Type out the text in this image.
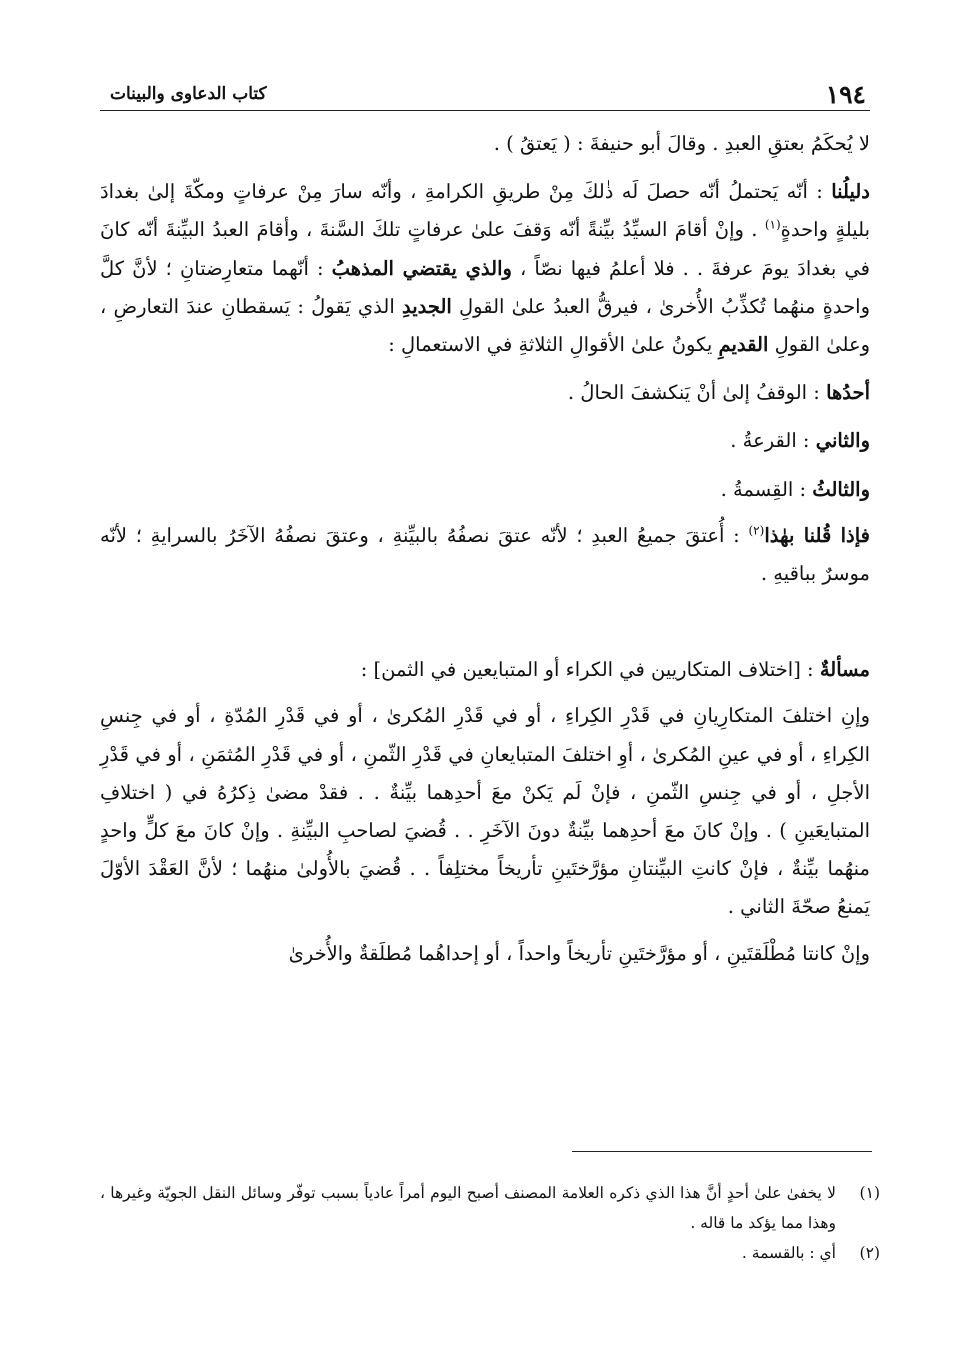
١٩٤
كتاب الدعاوى والبينات

لا يُحكَمُ بعتقِ العبدِ . وقالَ أبو حنيفةَ : ( يَعتقُ ) .

دليلُنا : أنّه يَحتملُ أنّه حصلَ لَه ذٰلكَ مِنْ طريقِ الكرامةِ ، وأنّه سارَ مِنْ عرفاتٍ ومكّةَ إلىٰ بغدادَ بليلةٍ واحدةٍ$^{(١)}$ . وإنْ أقامَ السيِّدُ بيِّنةً أنّه وَقفَ علىٰ عرفاتٍ تلكَ السَّنةَ ، وأقامَ العبدُ البيِّنةَ أنّه كانَ في بغدادَ يومَ عرفةَ . . فلا أعلمُ فيها نصّاً ، والذي يقتضي المذهبُ : أنّهما متعارِضتانِ ؛ لأنَّ كلَّ واحدةٍ منهُما تُكذِّبُ الأُخرىٰ ، فيرقُّ العبدُ علىٰ القولِ الجديدِ الذي يَقولُ : يَسقطانِ عندَ التعارضِ ، وعلىٰ القولِ القديمِ يكونُ علىٰ الأقوالِ الثلاثةِ في الاستعمالِ :

أحدُها : الوقفُ إلىٰ أنْ يَنكشفَ الحالُ .

والثاني : القرعةُ .

والثالثُ : القِسمةُ .

فإذا قُلنا بهٰذا$^{(٢)}$ : أُعتقَ جميعُ العبدِ ؛ لأنّه عتقَ نصفُهُ بالبيِّنةِ ، وعتقَ نصفُهُ الآخَرُ بالسرايةِ ؛ لأنّه موسرٌ بباقيهِ .

مسألةٌ : [اختلاف المتكاريين في الكراء أو المتبايعين في الثمن] :

وإنِ اختلفَ المتكارِيانِ في قَدْرِ الكِراءِ ، أو في قَدْرِ المُكرىٰ ، أو في قَدْرِ المُدّةِ ، أو في جِنسِ الكِراءِ ، أو في عينِ المُكرىٰ ، أوِ اختلفَ المتبايعانِ في قَدْرِ الثّمنِ ، أو في قَدْرِ المُثمَنِ ، أو في قَدْرِ الأجلِ ، أو في جِنسِ الثّمنِ ، فإنْ لَم يَكنْ معَ أحدِهما بيِّنةٌ . . فقدْ مضىٰ ذِكرُهُ في ( اختلافِ المتبايعَينِ ) . وإنْ كانَ معَ أحدِهما بيِّنةٌ دونَ الآخَرِ . . قُضيَ لصاحبِ البيِّنةِ . وإنْ كانَ معَ كلٍّ واحدٍ منهُما بيِّنةٌ ، فإنْ كانتِ البيِّنتانِ مؤرَّختَينِ تأريخاً مختلِفاً . . قُضيَ بالأُولىٰ منهُما ؛ لأنَّ العَقْدَ الأوّلَ يَمنعُ صحّةَ الثاني .

وإنْ كانتا مُطْلَقتَينِ ، أو مؤرَّختَينِ تأريخاً واحداً ، أو إحداهُما مُطلَقةٌ والأُخرىٰ

(١)
لا يخفىٰ علىٰ أحدٍ أنَّ هذا الذي ذكره العلامة المصنف أصبح اليوم أمراً عادياً بسبب توفّر وسائل النقل الجويّة وغيرها ، وهذا مما يؤكد ما قاله .
(٢)
أي : بالقسمة .
